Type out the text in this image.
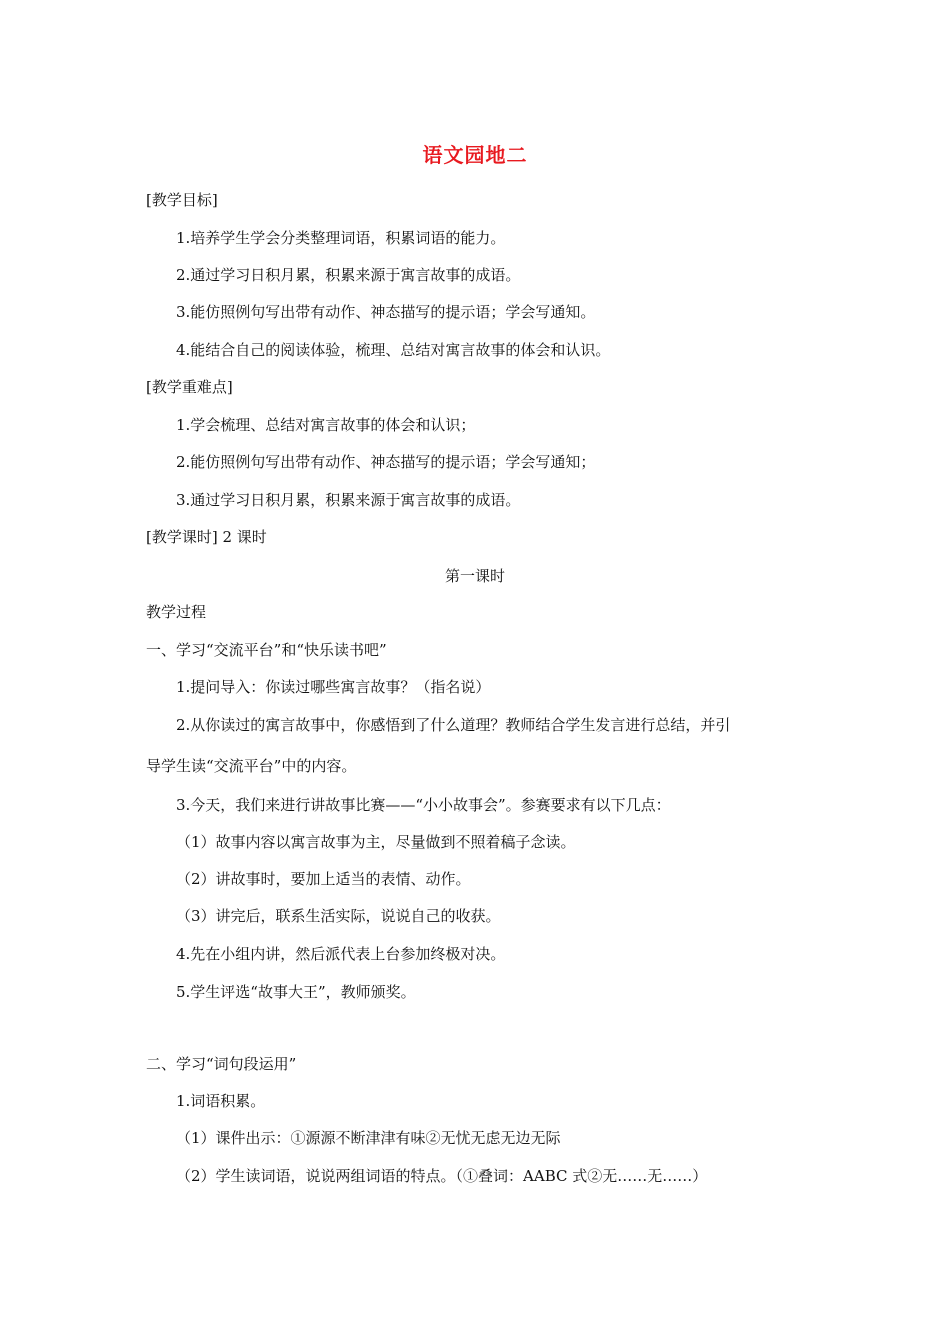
语文园地二
[教学目标]
1.培养学生学会分类整理词语，积累词语的能力。
2.通过学习日积月累，积累来源于寓言故事的成语。
3.能仿照例句写出带有动作、神态描写的提示语；学会写通知。
4.能结合自己的阅读体验，梳理、总结对寓言故事的体会和认识。
[教学重难点]
1.学会梳理、总结对寓言故事的体会和认识；
2.能仿照例句写出带有动作、神态描写的提示语；学会写通知；
3.通过学习日积月累，积累来源于寓言故事的成语。
[教学课时] 2 课时
第一课时
教学过程
一、学习“交流平台”和“快乐读书吧”
1.提问导入：你读过哪些寓言故事？（指名说）
2.从你读过的寓言故事中，你感悟到了什么道理？教师结合学生发言进行总结，并引
导学生读“交流平台”中的内容。
3.今天，我们来进行讲故事比赛——“小小故事会”。参赛要求有以下几点：
（1）故事内容以寓言故事为主，尽量做到不照着稿子念读。
（2）讲故事时，要加上适当的表情、动作。
（3）讲完后，联系生活实际，说说自己的收获。
4.先在小组内讲，然后派代表上台参加终极对决。
5.学生评选“故事大王”，教师颁奖。
二、学习“词句段运用”
1.词语积累。
（1）课件出示：①源源不断津津有味②无忧无虑无边无际
（2）学生读词语，说说两组词语的特点。（①叠词：AABC 式②无……无……）
